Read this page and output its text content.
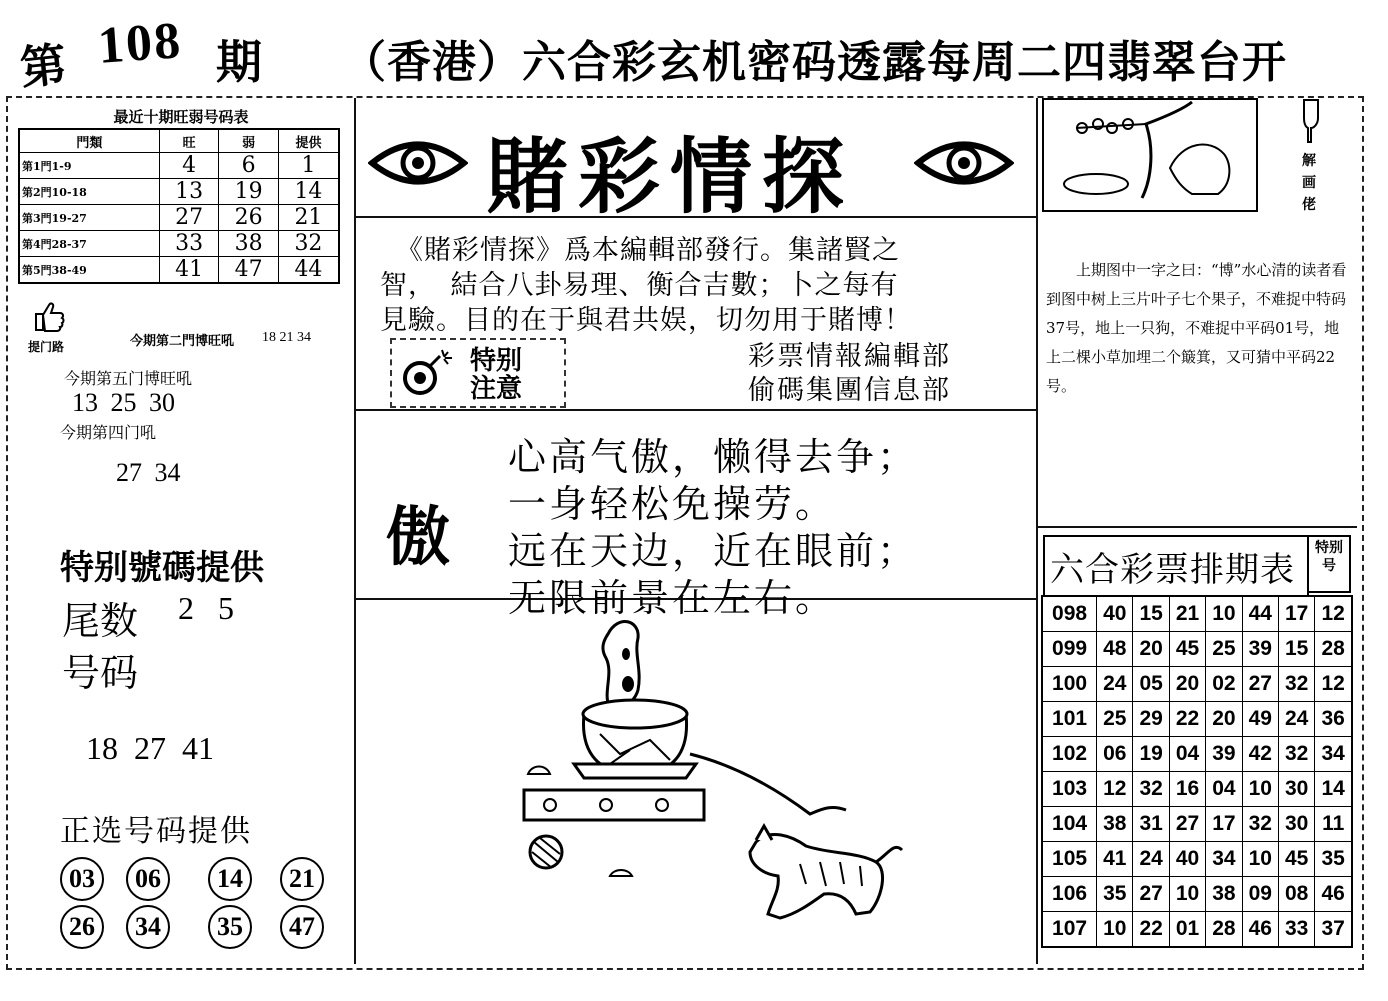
第 108 期 （香港）六合彩玄机密码透露每周二四翡翠台开
最近十期旺弱号码表
門類	旺	弱	提供
第1門1-9	4	6	1
第2門10-18	13	19	14
第3門19-27	27	26	21
第4門28-37	33	38	32
第5門38-49	41	47	44
提门路	今期第二門博旺吼 18 21 34
今期第五门博旺吼
13 25 30
今期第四门吼
27 34
特别號碼提供
尾数 2   5
号码
18  27  41
正选号码提供
03	06	14	21
26	34	35	47
賭彩情探
《賭彩情探》爲本編輯部發行。集諸賢之
智，　結合八卦易理、衡合吉數；卜之每有
見驗。目的在于與君共娱，切勿用于賭博！
特别
注意
彩票情報編輯部
偷碼集團信息部
傲
心高气傲，懒得去争；
一身轻松免操劳。
远在天边，近在眼前；
无限前景在左右。
解画佬
上期图中一字之曰：“博”水心清的读者看到图中树上三片叶子七个果子，不难捉中特码37号，地上一只狗，不难捉中平码01号，地上二棵小草加埋二个簸箕，又可猜中平码22号。
六合彩票排期表
特别号
098	40	15	21	10	44	17	12
099	48	20	45	25	39	15	28
100	24	05	20	02	27	32	12
101	25	29	22	20	49	24	36
102	06	19	04	39	42	32	34
103	12	32	16	04	10	30	14
104	38	31	27	17	32	30	11
105	41	24	40	34	10	45	35
106	35	27	10	38	09	08	46
107	10	22	01	28	46	33	37
